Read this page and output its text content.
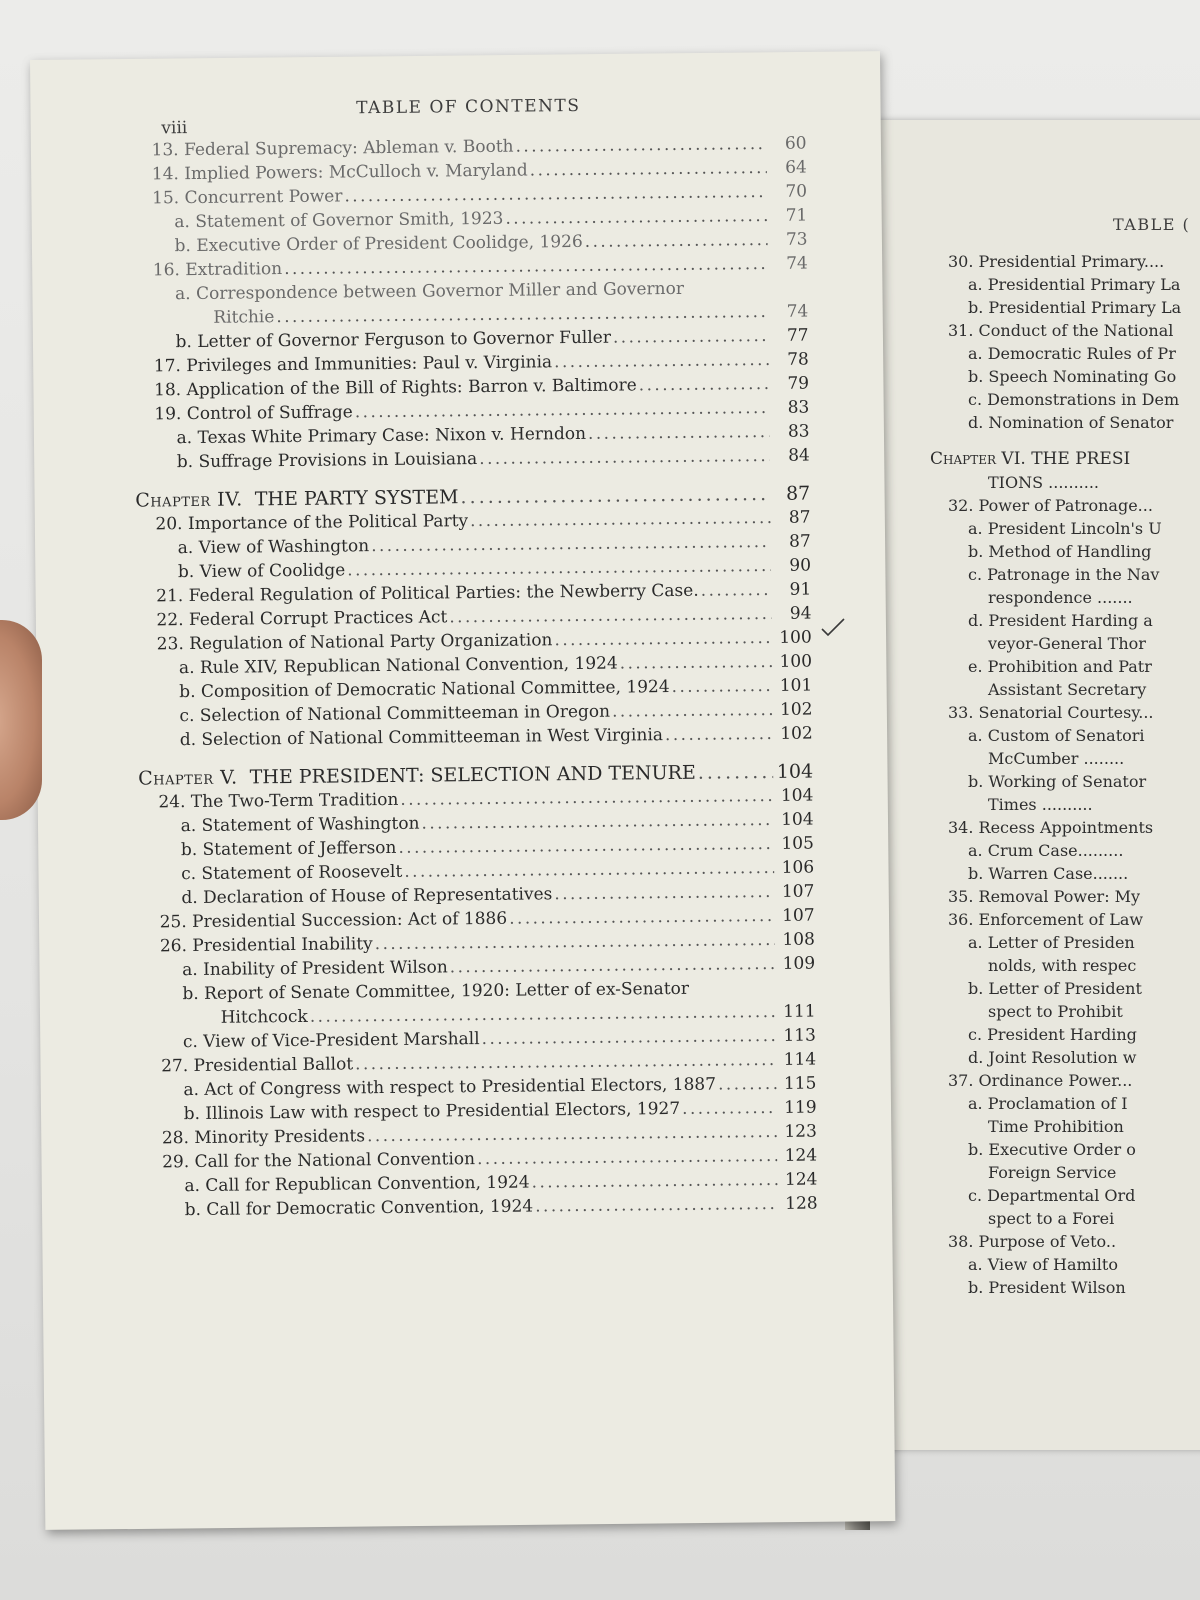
TABLE (
30. Presidential Primary....
a. Presidential Primary La
b. Presidential Primary La
31. Conduct of the National
a. Democratic Rules of Pr
b. Speech Nominating Go
c. Demonstrations in Dem
d. Nomination of Senator
Chapter VI. THE PRESI
TIONS ..........
32. Power of Patronage...
a. President Lincoln's U
b. Method of Handling
c. Patronage in the Nav
respondence .......
d. President Harding a
veyor-General Thor
e. Prohibition and Patr
Assistant Secretary
33. Senatorial Courtesy...
a. Custom of Senatori
McCumber ........
b. Working of Senator
Times ..........
34. Recess Appointments
a. Crum Case.........
b. Warren Case.......
35. Removal Power: My
36. Enforcement of Law
a. Letter of Presiden
nolds, with respec
b. Letter of President
spect to Prohibit
c. President Harding
d. Joint Resolution w
37. Ordinance Power...
a. Proclamation of I
Time Prohibition
b. Executive Order o
Foreign Service
c. Departmental Ord
spect to a Forei
38. Purpose of Veto..
a. View of Hamilto
b. President Wilson
viii
TABLE OF CONTENTS
13. Federal Supremacy: Ableman v. Booth . . .	60
14. Implied Powers: McCulloch v. Maryland . . .	64
15. Concurrent Power . . .	70
a. Statement of Governor Smith, 1923 . . .	71
b. Executive Order of President Coolidge, 1926 . . .	73
16. Extradition . . .	74
a. Correspondence between Governor Miller and Governor
Ritchie . . .	74
b. Letter of Governor Ferguson to Governor Fuller . . .	77
17. Privileges and Immunities: Paul v. Virginia . . .	78
18. Application of the Bill of Rights: Barron v. Baltimore . . .	79
19. Control of Suffrage . . .	83
a. Texas White Primary Case: Nixon v. Herndon . . .	83
b. Suffrage Provisions in Louisiana . . .	84
Chapter IV.
THE PARTY SYSTEM . . .	87
20. Importance of the Political Party . . .	87
a. View of Washington . . .	87
b. View of Coolidge . . .	90
21. Federal Regulation of Political Parties: the Newberry Case. . . .	91
22. Federal Corrupt Practices Act . . .	94
23. Regulation of National Party Organization . . .	100
a. Rule XIV, Republican National Convention, 1924 . . .	100
b. Composition of Democratic National Committee, 1924 . . .	101
c. Selection of National Committeeman in Oregon . . .	102
d. Selection of National Committeeman in West Virginia . . .	102
Chapter V.
THE PRESIDENT: SELECTION AND TENURE . . .	104
24. The Two-Term Tradition . . .	104
a. Statement of Washington . . .	104
b. Statement of Jefferson . . .	105
c. Statement of Roosevelt . . .	106
d. Declaration of House of Representatives . . .	107
25. Presidential Succession: Act of 1886 . . .	107
26. Presidential Inability . . .	108
a. Inability of President Wilson . . .	109
b. Report of Senate Committee, 1920: Letter of ex-Senator
Hitchcock . . .	111
c. View of Vice-President Marshall . . .	113
27. Presidential Ballot . . .	114
a. Act of Congress with respect to Presidential Electors, 1887 . . .	115
b. Illinois Law with respect to Presidential Electors, 1927 . . .	119
28. Minority Presidents . . .	123
29. Call for the National Convention . . .	124
a. Call for Republican Convention, 1924 . . .	124
b. Call for Democratic Convention, 1924 . . .	128
